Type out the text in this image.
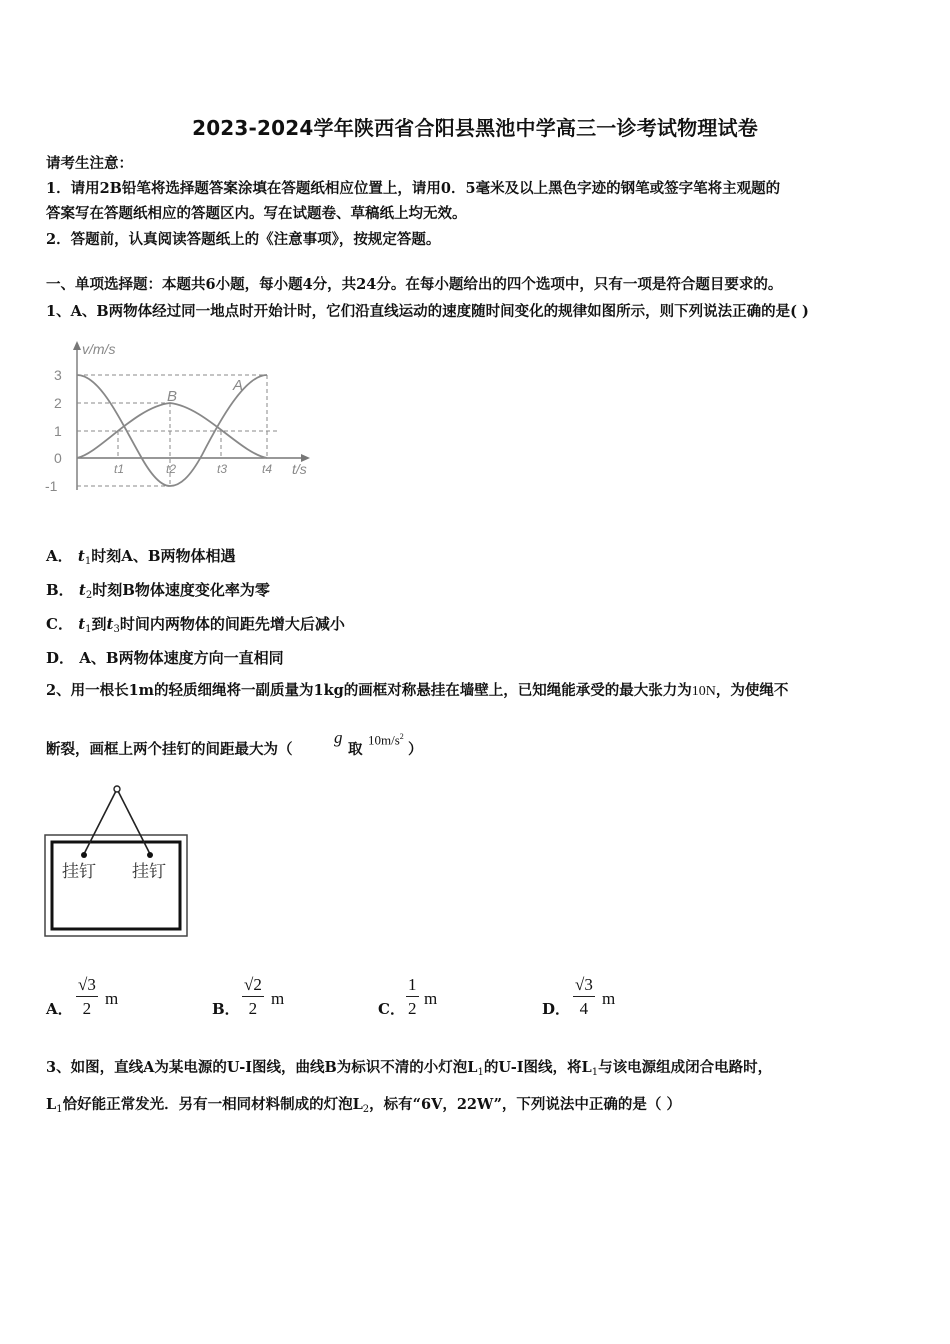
2023-2024学年陕西省合阳县黑池中学高三一诊考试物理试卷
请考生注意：
1．请用2B铅笔将选择题答案涂填在答题纸相应位置上，请用0．5毫米及以上黑色字迹的钢笔或签字笔将主观题的
答案写在答题纸相应的答题区内。写在试题卷、草稿纸上均无效。
2．答题前，认真阅读答题纸上的《注意事项》，按规定答题。
一、单项选择题：本题共6小题，每小题4分，共24分。在每小题给出的四个选项中，只有一项是符合题目要求的。
1、A、B两物体经过同一地点时开始计时，它们沿直线运动的速度随时间变化的规律如图所示，则下列说法正确的是( )
v/m/s
t/s
3
2
1
0
-1
t1	t2	t3	t4
B
A
A． $t_1$时刻A、B两物体相遇
B． $t_2$时刻B物体速度变化率为零
C． $t_1$到$t_3$时间内两物体的间距先增大后减小
D． A、B两物体速度方向一直相同
2、用一根长1m的轻质细绳将一副质量为1kg的画框对称悬挂在墙壁上，已知绳能承受的最大张力为10N，为使绳不
断裂，画框上两个挂钉的间距最大为（
g
取
$10m/s^2$
）
挂钉 挂钉
A． $\frac{√3}{2}$ m
B． $\frac{√2}{2}$ m
C． $\frac{1}{2}$ m
D． $\frac{√3}{4}$ m
3、如图，直线A为某电源的U-I图线，曲线B为标识不清的小灯泡$L_1$的U-I图线，将$L_1$与该电源组成闭合电路时，
$L_1$恰好能正常发光．另有一相同材料制成的灯泡$L_2$，标有“6V，22W”，下列说法中正确的是（ ）
